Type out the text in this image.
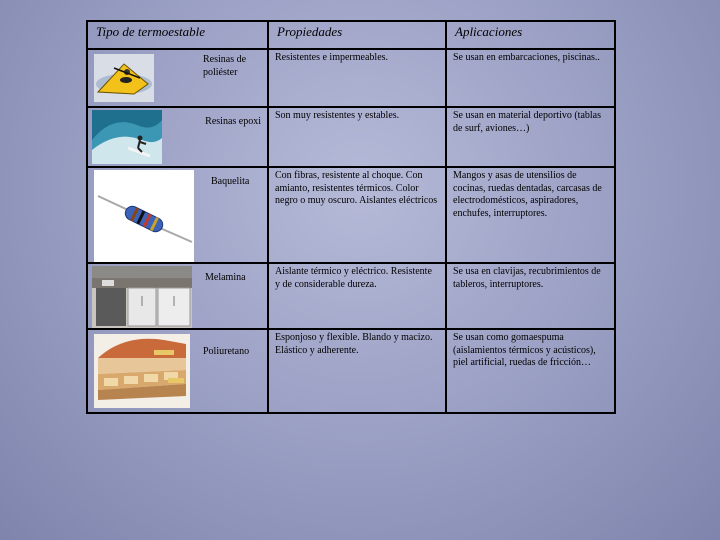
Tipo de termoestable	Propiedades	Aplicaciones

Resinas de poliéster	Resistentes e impermeables.	Se usan en embarcaciones, piscinas..

Resinas epoxi	Son muy resistentes y estables.	Se usan en material deportivo (tablas de surf, aviones…)

Baquelita	Con fibras, resistente al choque. Con amianto, resistentes térmicos. Color negro o muy oscuro. Aislantes eléctricos	Mangos y asas de utensilios de cocinas, ruedas dentadas, carcasas de electrodomésticos, aspiradores, enchufes, interruptores.

Melamina	Aislante térmico y eléctrico. Resistente y de considerable dureza.	Se usa en clavijas, recubrimientos de tableros, interruptores.

Poliuretano	Esponjoso y flexible. Blando y macizo. Elástico y adherente.	Se usan como gomaespuma (aislamientos térmicos y acústicos), piel artificial, ruedas de fricción…
